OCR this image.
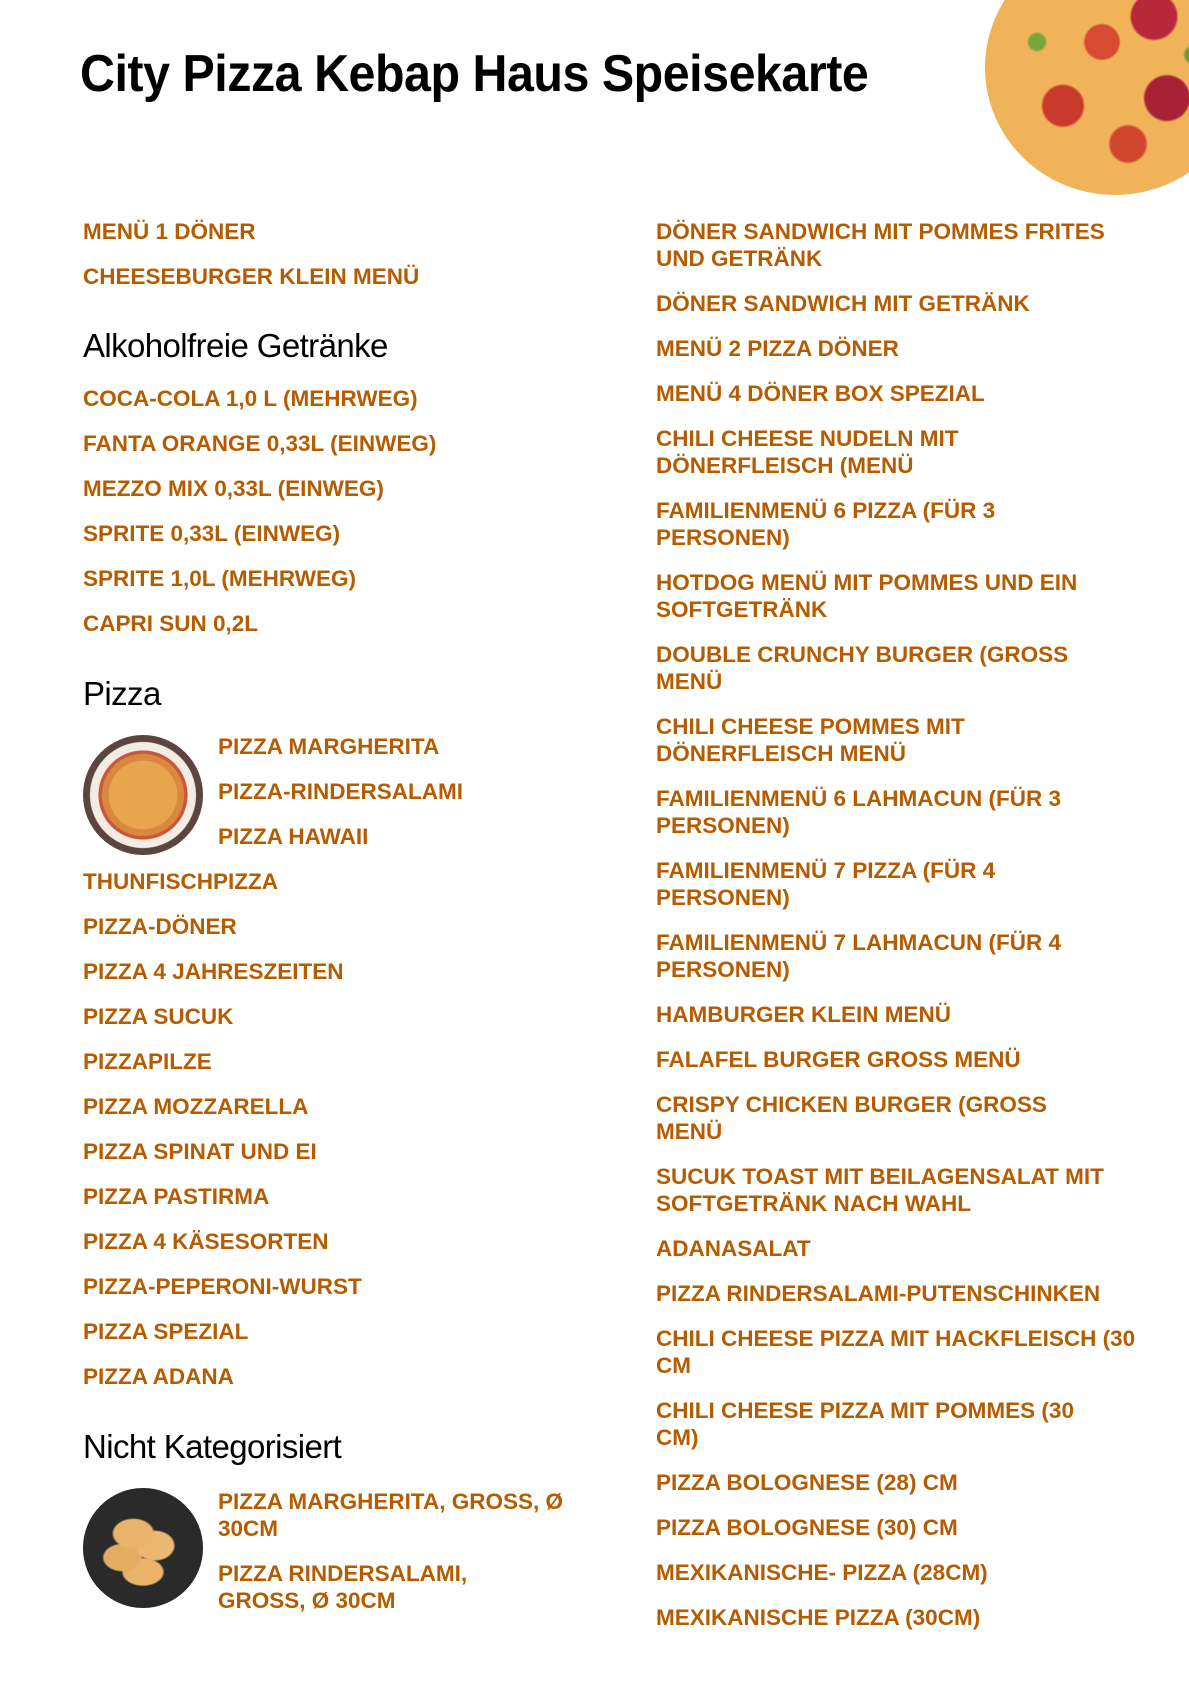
City Pizza Kebap Haus Speisekarte

MENÜ 1 DÖNER

CHEESEBURGER KLEIN MENÜ

Alkoholfreie Getränke

COCA-COLA 1,0 L (MEHRWEG)

FANTA ORANGE 0,33L (EINWEG)

MEZZO MIX 0,33L (EINWEG)

SPRITE 0,33L (EINWEG)

SPRITE 1,0L (MEHRWEG)

CAPRI SUN 0,2L

Pizza

PIZZA MARGHERITA

PIZZA-RINDERSALAMI

PIZZA HAWAII

THUNFISCHPIZZA

PIZZA-DÖNER

PIZZA 4 JAHRESZEITEN

PIZZA SUCUK

PIZZAPILZE

PIZZA MOZZARELLA

PIZZA SPINAT UND EI

PIZZA PASTIRMA

PIZZA 4 KÄSESORTEN

PIZZA-PEPERONI-WURST

PIZZA SPEZIAL

PIZZA ADANA

Nicht Kategorisiert

PIZZA MARGHERITA, GROSS, Ø 30CM

PIZZA RINDERSALAMI, GROSS, Ø 30CM

DÖNER SANDWICH MIT POMMES FRITES UND GETRÄNK

DÖNER SANDWICH MIT GETRÄNK

MENÜ 2 PIZZA DÖNER

MENÜ 4 DÖNER BOX SPEZIAL

CHILI CHEESE NUDELN MIT DÖNERFLEISCH (MENÜ

FAMILIENMENÜ 6 PIZZA (FÜR 3 PERSONEN)

HOTDOG MENÜ MIT POMMES UND EIN SOFTGETRÄNK

DOUBLE CRUNCHY BURGER (GROSS MENÜ

CHILI CHEESE POMMES MIT DÖNERFLEISCH MENÜ

FAMILIENMENÜ 6 LAHMACUN (FÜR 3 PERSONEN)

FAMILIENMENÜ 7 PIZZA (FÜR 4 PERSONEN)

FAMILIENMENÜ 7 LAHMACUN (FÜR 4 PERSONEN)

HAMBURGER KLEIN MENÜ

FALAFEL BURGER GROSS MENÜ

CRISPY CHICKEN BURGER (GROSS MENÜ

SUCUK TOAST MIT BEILAGENSALAT MIT SOFTGETRÄNK NACH WAHL

ADANASALAT

PIZZA RINDERSALAMI-PUTENSCHINKEN

CHILI CHEESE PIZZA MIT HACKFLEISCH (30 CM

CHILI CHEESE PIZZA MIT POMMES (30 CM)

PIZZA BOLOGNESE (28) CM

PIZZA BOLOGNESE (30) CM

MEXIKANISCHE- PIZZA (28CM)

MEXIKANISCHE PIZZA (30CM)
